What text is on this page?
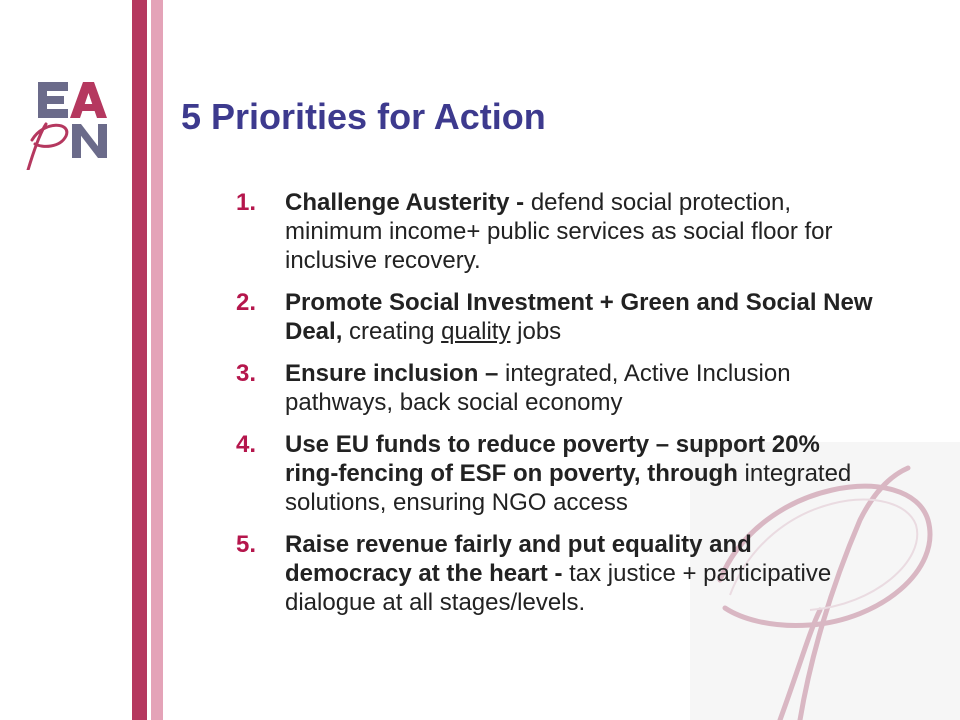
5 Priorities for Action
1. Challenge Austerity - defend social protection, minimum income+ public services as social floor for inclusive recovery.
2. Promote Social Investment + Green and Social New Deal, creating quality jobs
3. Ensure inclusion – integrated, Active Inclusion pathways, back social economy
4. Use EU funds to reduce poverty – support 20% ring-fencing of ESF on poverty, through integrated solutions, ensuring NGO access
5. Raise revenue fairly and put equality and democracy at the heart - tax justice + participative dialogue at all stages/levels.
